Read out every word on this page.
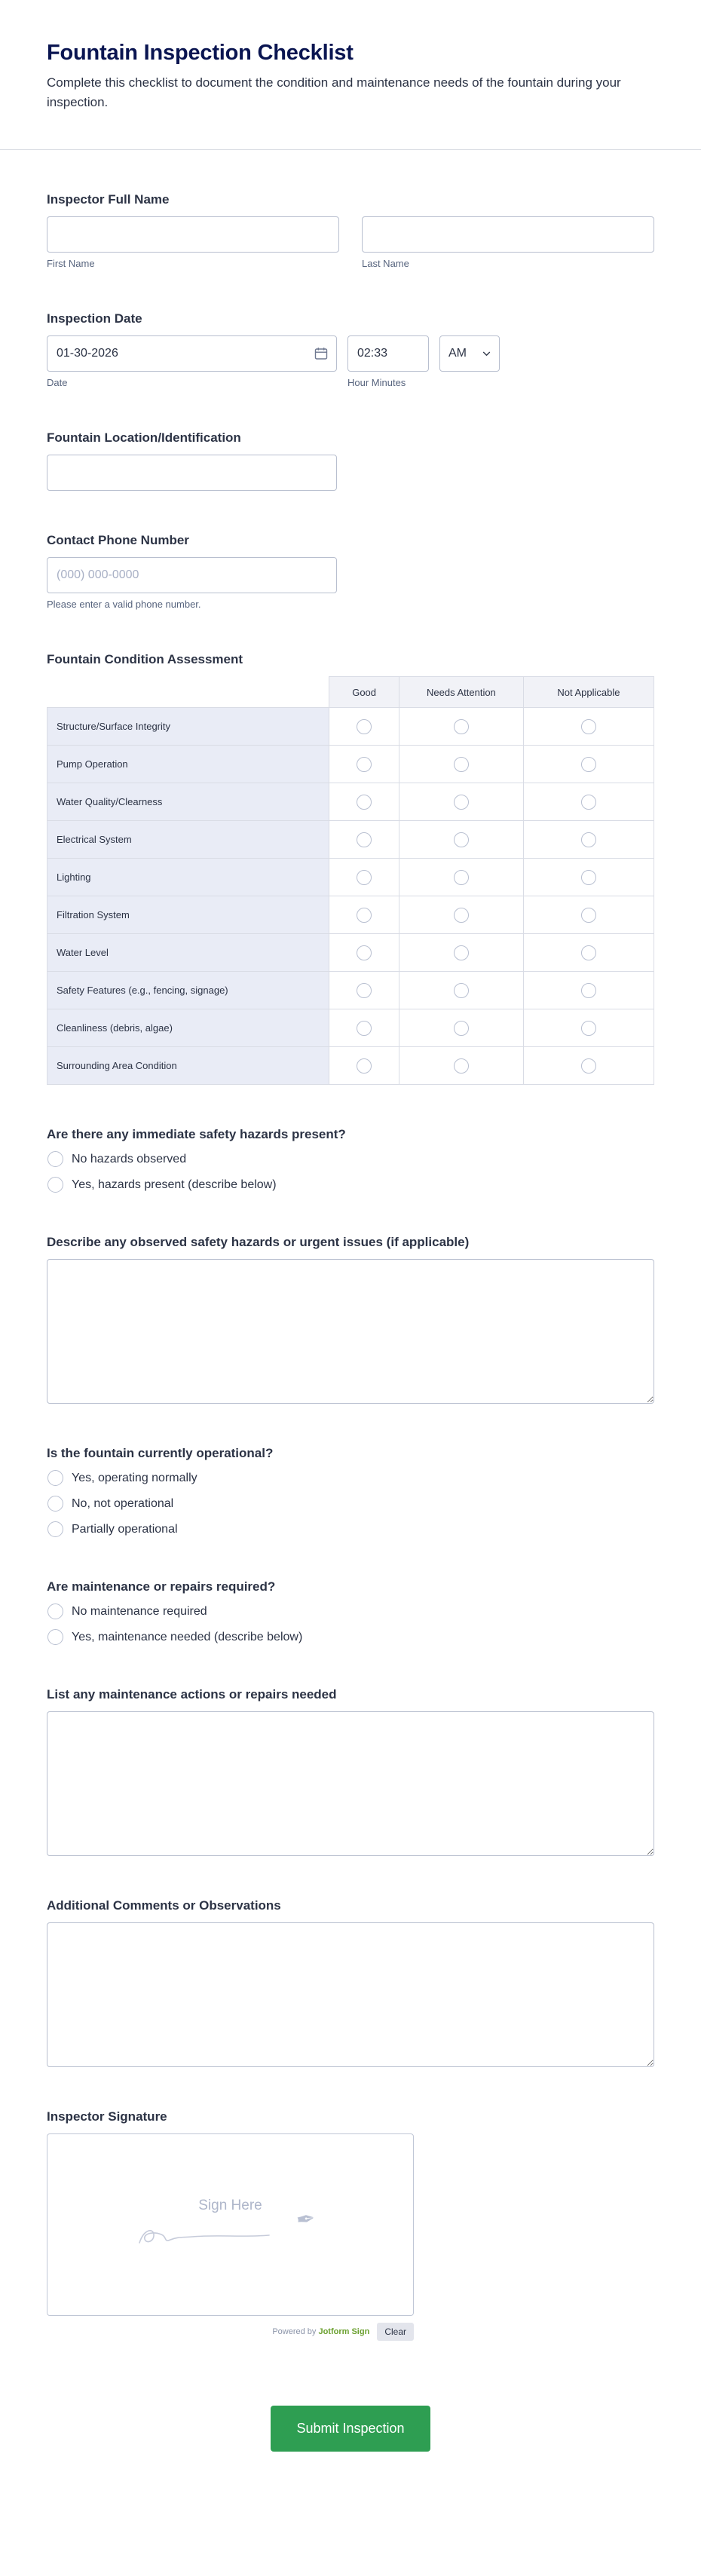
Fountain Inspection Checklist

Complete this checklist to document the condition and maintenance needs of the fountain during your inspection.

Inspector Full Name
First Name	Last Name
Inspection Date
01-30-2026
Date
02:33	Hour Minutes
AM
Fountain Location/Identification
Contact Phone Number
(000) 000-0000
Please enter a valid phone number.
Fountain Condition Assessment
	Good	Needs Attention	Not Applicable
Structure/Surface Integrity			
Pump Operation			
Water Quality/Clearness			
Electrical System			
Lighting			
Filtration System			
Water Level			
Safety Features (e.g., fencing, signage)			
Cleanliness (debris, algae)			
Surrounding Area Condition			
Are there any immediate safety hazards present?
No hazards observed
Yes, hazards present (describe below)
Describe any observed safety hazards or urgent issues (if applicable)
Is the fountain currently operational?
Yes, operating normally
No, not operational
Partially operational
Are maintenance or repairs required?
No maintenance required
Yes, maintenance needed (describe below)
List any maintenance actions or repairs needed
Additional Comments or Observations
Inspector Signature
Sign Here
✒
Powered by Jotform Sign	Clear
Submit Inspection
